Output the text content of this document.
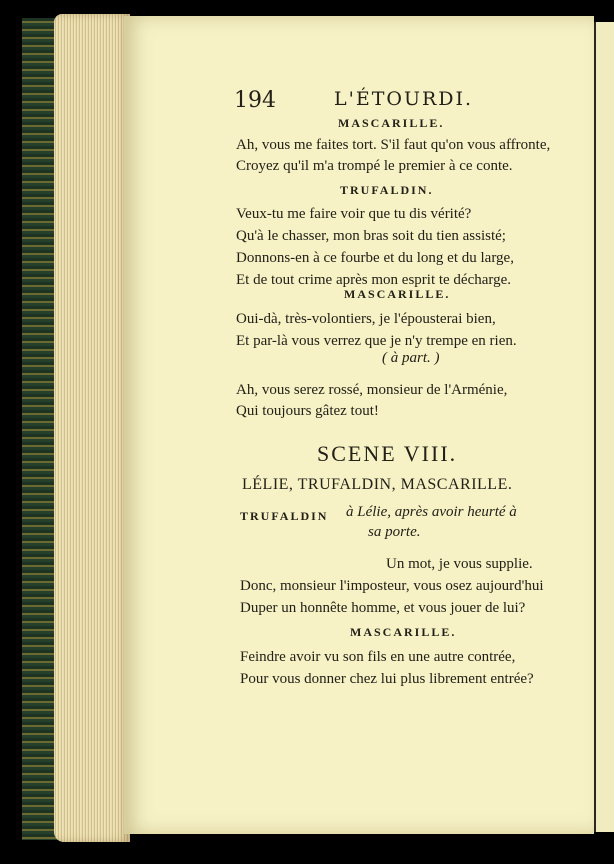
194	L'ÉTOURDI.
MASCARILLE.
Ah, vous me faites tort. S'il faut qu'on vous affronte,
Croyez qu'il m'a trompé le premier à ce conte.
TRUFALDIN.
Veux-tu me faire voir que tu dis vérité?
Qu'à le chasser, mon bras soit du tien assisté;
Donnons-en à ce fourbe et du long et du large,
Et de tout crime après mon esprit te décharge.
MASCARILLE.
Oui-dà, très-volontiers, je l'épousterai bien,
Et par-là vous verrez que je n'y trempe en rien.
( à part. )
Ah, vous serez rossé, monsieur de l'Arménie,
Qui toujours gâtez tout!
SCENE VIII.
LÉLIE, TRUFALDIN, MASCARILLE.
TRUFALDIN à Lélie, après avoir heurté à
sa porte.
Un mot, je vous supplie.
Donc, monsieur l'imposteur, vous osez aujourd'hui
Duper un honnête homme, et vous jouer de lui?
MASCARILLE.
Feindre avoir vu son fils en une autre contrée,
Pour vous donner chez lui plus librement entrée?
